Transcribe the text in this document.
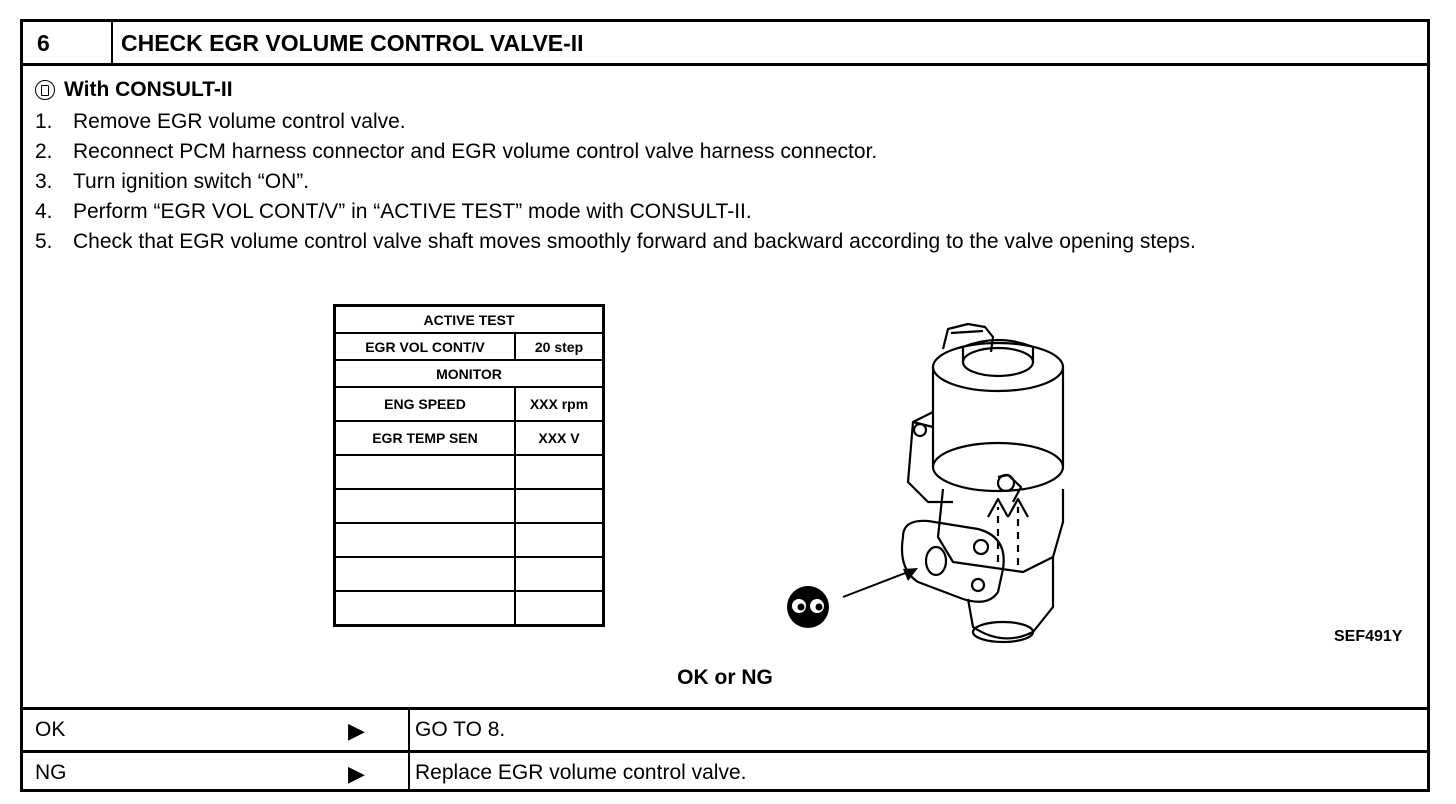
6	CHECK EGR VOLUME CONTROL VALVE-II
With CONSULT-II
1. Remove EGR volume control valve.
2. Reconnect PCM harness connector and EGR volume control valve harness connector.
3. Turn ignition switch “ON”.
4. Perform “EGR VOL CONT/V” in “ACTIVE TEST” mode with CONSULT-II.
5. Check that EGR volume control valve shaft moves smoothly forward and backward according to the valve opening steps.
ACTIVE TEST	
EGR VOL CONT/V	20 step
MONITOR	
ENG SPEED	XXX rpm
EGR TEMP SEN	XXX V

SEF491Y
OK or NG
OK	▶ GO TO 8.
NG	▶ Replace EGR volume control valve.
